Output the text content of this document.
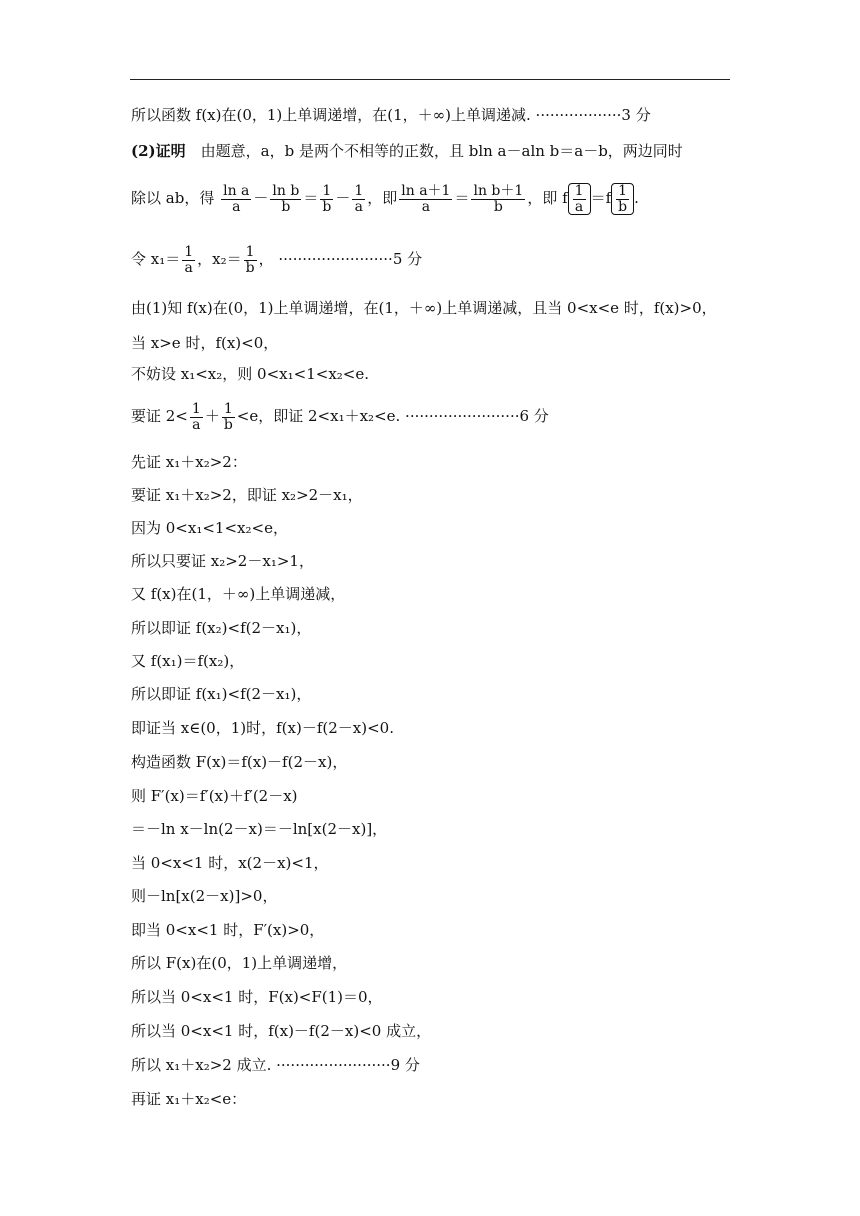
所以函数 f(x)在(0，1)上单调递增，在(1，＋∞)上单调递减. ··················3 分
(2)证明　由题意，a，b 是两个不相等的正数，且 bln a－aln b＝a－b，两边同时
除以 ab，得 $\frac{\text{ln a}}{a} - \frac{\text{ln b}}{b} = \frac{1}{b} - \frac{1}{a}$ ，即 $\frac{\text{ln a＋1}}{a} = \frac{\text{ln b＋1}}{b}$ ，即 f $\frac{1}{a} =f \frac{1}{b}$ .
令 $x_1= \frac{1}{a}$ ，$x_2= \frac{1}{b}$ ， ························5 分
由(1)知 f(x)在(0，1)上单调递增，在(1，＋∞)上单调递减，且当 0<x<e 时，f(x)>0，
当 x>e 时，f(x)<0，
不妨设 x₁<x₂，则 0<x₁<1<x₂<e.
要证 $2< \frac{1}{a} + \frac{1}{b} <e$，即证 2<x₁＋x₂<e. ························6 分
先证 x₁＋x₂>2：
要证 x₁＋x₂>2，即证 x₂>2－x₁，
因为 0<x₁<1<x₂<e，
所以只要证 x₂>2－x₁>1，
又 f(x)在(1，＋∞)上单调递减，
所以即证 f(x₂)<f(2－x₁)，
又 f(x₁)＝f(x₂)，
所以即证 f(x₁)<f(2－x₁)，
即证当 x∈(0，1)时，f(x)－f(2－x)<0.
构造函数 F(x)＝f(x)－f(2－x)，
则 F′(x)＝f′(x)＋f′(2－x)
＝－ln x－ln(2－x)＝－ln[x(2－x)]，
当 0<x<1 时，x(2－x)<1，
则－ln[x(2－x)]>0，
即当 0<x<1 时，F′(x)>0，
所以 F(x)在(0，1)上单调递增，
所以当 0<x<1 时，F(x)<F(1)＝0，
所以当 0<x<1 时，f(x)－f(2－x)<0 成立，
所以 x₁＋x₂>2 成立. ························9 分
再证 x₁＋x₂<e：
